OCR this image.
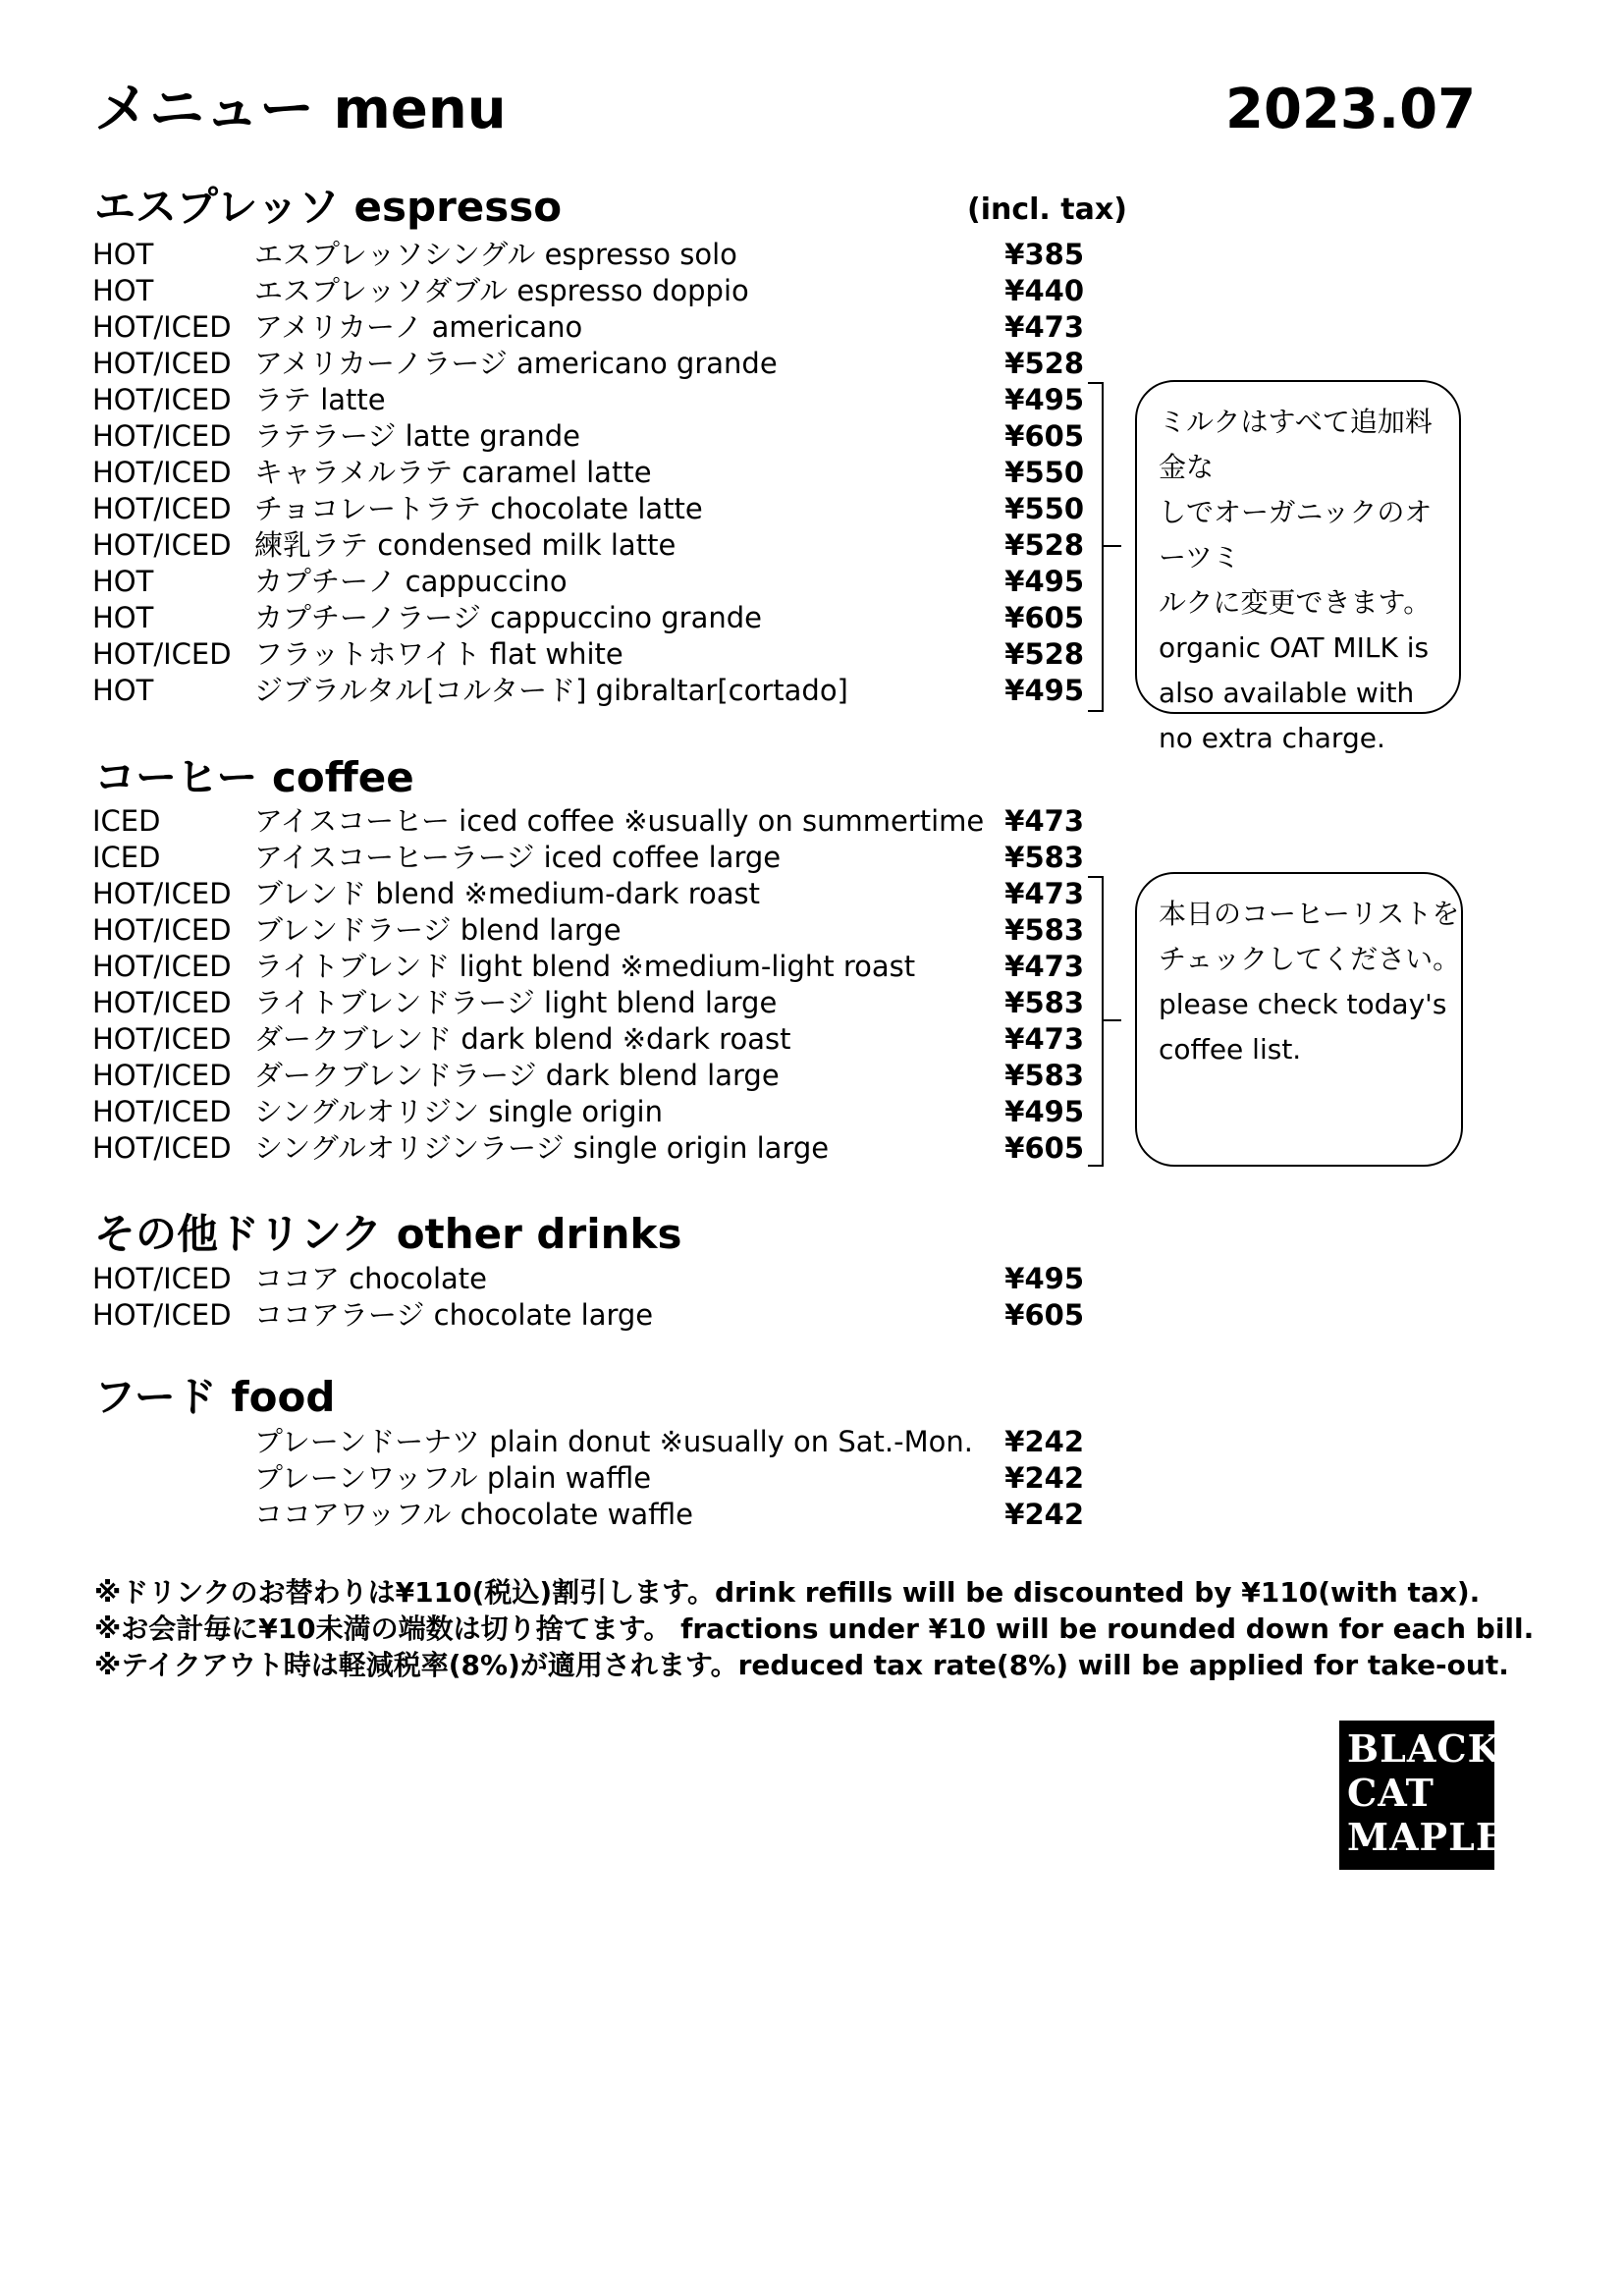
メニュー menu	2023.07
エスプレッソ espresso	(incl. tax)
HOT	エスプレッソシングル espresso solo	¥385
HOT	エスプレッソダブル espresso doppio	¥440
HOT/ICED アメリカーノ americano	¥473
HOT/ICED アメリカーノラージ americano grande	¥528
HOT/ICED ラテ latte	¥495
HOT/ICED ラテラージ latte grande	¥605
HOT/ICED キャラメルラテ caramel latte	¥550
HOT/ICED チョコレートラテ chocolate latte	¥550
HOT/ICED 練乳ラテ condensed milk latte	¥528
HOT	カプチーノ cappuccino	¥495
HOT	カプチーノラージ cappuccino grande	¥605
HOT/ICED フラットホワイト flat white	¥528
HOT	ジブラルタル[コルタード] gibraltar[cortado]	¥495

ミルクはすべて追加料金な

しでオーガニックのオーツミ

ルクに変更できます。

organic OAT MILK is

also available with

no extra charge.

コーヒー coffee
ICED	アイスコーヒー iced coffee ※usually on summertime ¥473
ICED	アイスコーヒーラージ iced coffee large	¥583
HOT/ICED ブレンド blend ※medium-dark roast	¥473
HOT/ICED ブレンドラージ blend large	¥583
HOT/ICED ライトブレンド light blend ※medium-light roast	¥473
HOT/ICED ライトブレンドラージ light blend large	¥583
HOT/ICED ダークブレンド dark blend ※dark roast	¥473
HOT/ICED ダークブレンドラージ dark blend large	¥583
HOT/ICED シングルオリジン single origin	¥495
HOT/ICED シングルオリジンラージ single origin large	¥605

本日のコーヒーリストを

チェックしてください。

please check today's

coffee list.

その他ドリンク other drinks
HOT/ICED ココア chocolate	¥495
HOT/ICED ココアラージ chocolate large	¥605
フード food
プレーンドーナツ plain donut ※usually on Sat.-Mon. ¥242
プレーンワッフル plain waffle	¥242
ココアワッフル chocolate waffle	¥242
※ドリンクのお替わりは¥110(税込)割引します。drink refills will be discounted by ¥110(with tax).
※お会計毎に¥10未満の端数は切り捨てます。 fractions under ¥10 will be rounded down for each bill.
※テイクアウト時は軽減税率(8%)が適用されます。reduced tax rate(8%) will be applied for take-out.
BLACK
CAT
MAPLE
